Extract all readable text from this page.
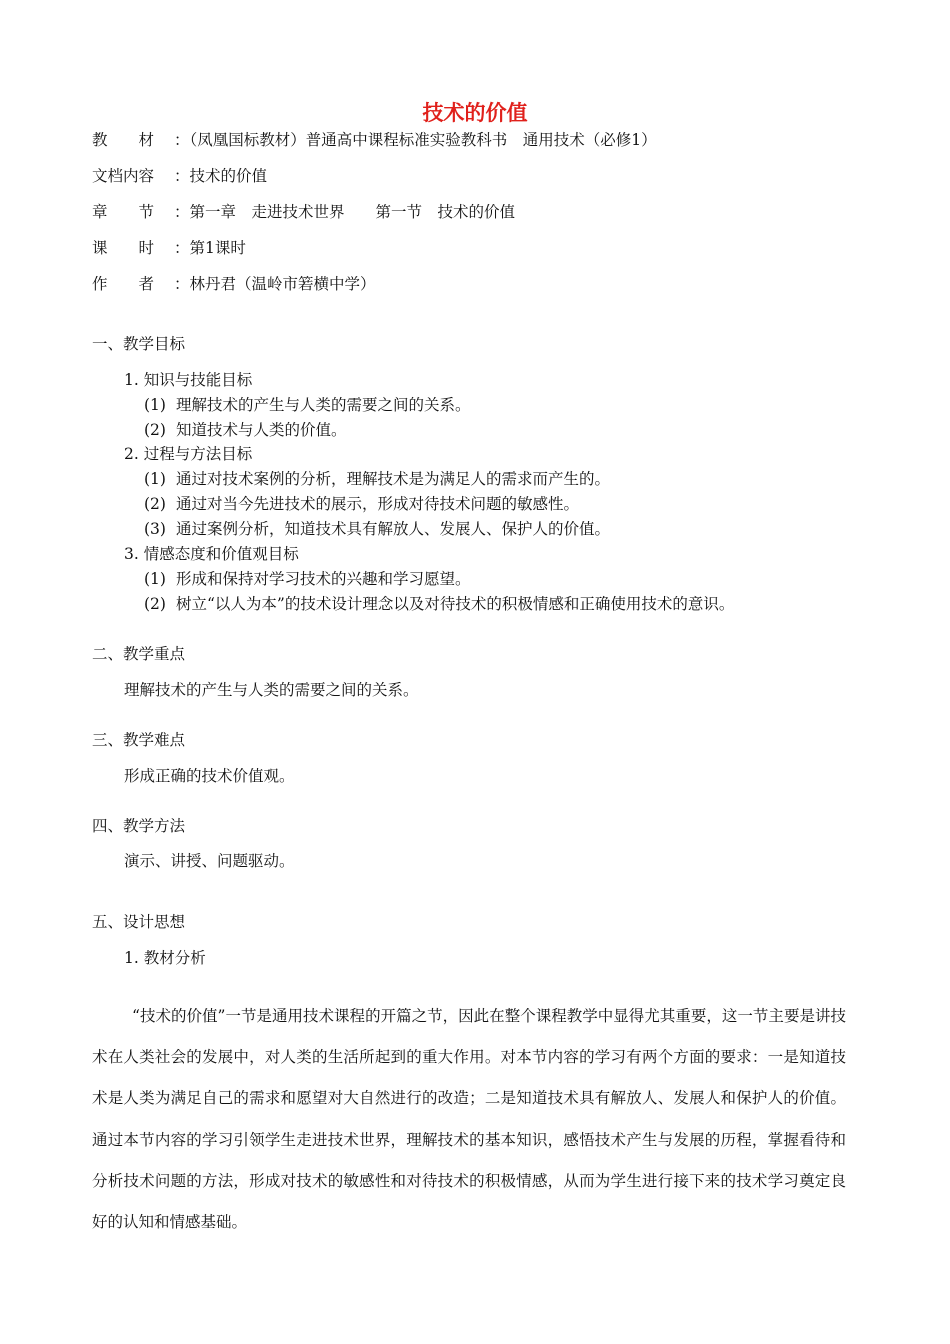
技术的价值
教　　材 ：（凤凰国标教材）普通高中课程标准实验教科书　通用技术（必修1）
文档内容 ：技术的价值
章　　节 ：第一章　走进技术世界　　第一节　技术的价值
课　　时 ：第1课时
作　　者 ：林丹君（温岭市箬横中学）
一、教学目标
1. 知识与技能目标
(1) 理解技术的产生与人类的需要之间的关系。
(2) 知道技术与人类的价值。
2. 过程与方法目标
(1) 通过对技术案例的分析，理解技术是为满足人的需求而产生的。
(2) 通过对当今先进技术的展示，形成对待技术问题的敏感性。
(3) 通过案例分析，知道技术具有解放人、发展人、保护人的价值。
3. 情感态度和价值观目标
(1) 形成和保持对学习技术的兴趣和学习愿望。
(2) 树立“以人为本”的技术设计理念以及对待技术的积极情感和正确使用技术的意识。
二、教学重点
理解技术的产生与人类的需要之间的关系。
三、教学难点
形成正确的技术价值观。
四、教学方法
演示、讲授、问题驱动。
五、设计思想
1. 教材分析
“技术的价值”一节是通用技术课程的开篇之节，因此在整个课程教学中显得尤其重要，这一节主要是讲技术在人类社会的发展中，对人类的生活所起到的重大作用。对本节内容的学习有两个方面的要求：一是知道技术是人类为满足自己的需求和愿望对大自然进行的改造；二是知道技术具有解放人、发展人和保护人的价值。通过本节内容的学习引领学生走进技术世界，理解技术的基本知识，感悟技术产生与发展的历程，掌握看待和分析技术问题的方法，形成对技术的敏感性和对待技术的积极情感，从而为学生进行接下来的技术学习奠定良好的认知和情感基础。
